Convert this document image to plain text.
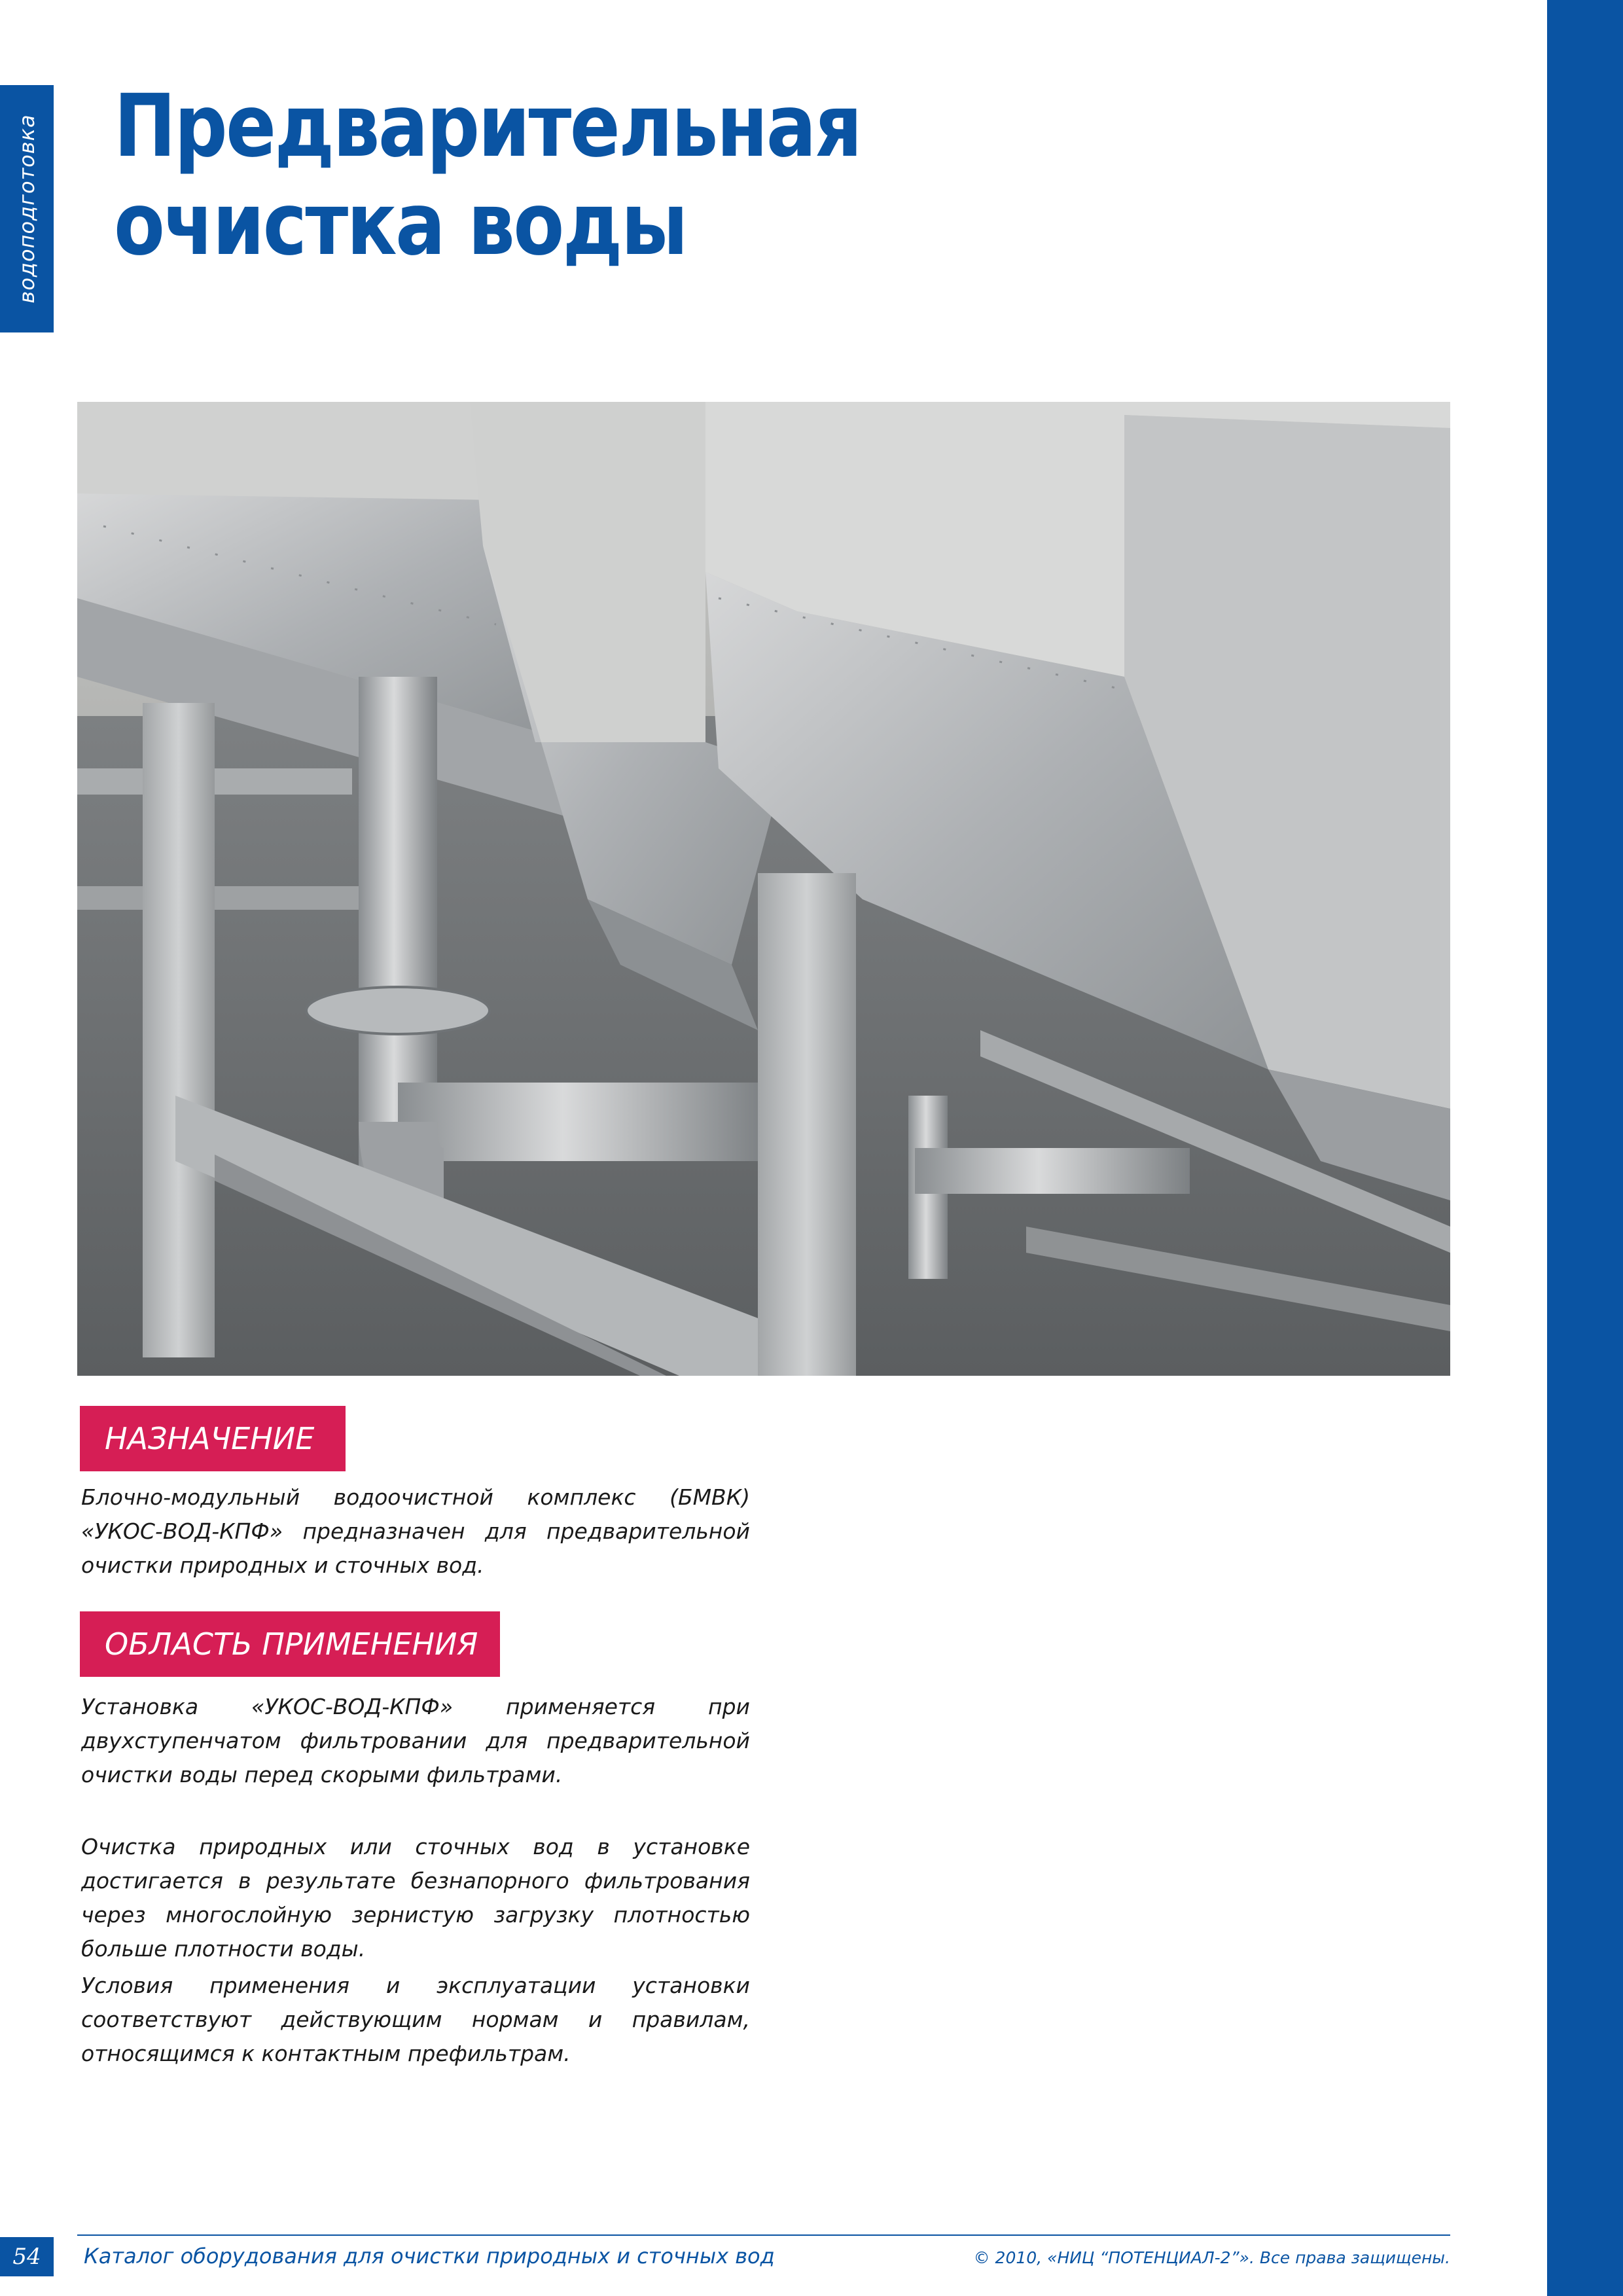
водоподготовка Предварительная
очистка воды
НАЗНАЧЕНИЕ

Блочно-модульный водоочистной комплекс (БМВК) «УКОС-ВОД-КПФ» предназначен для предварительной очистки природных и сточных вод.

ОБЛАСТЬ ПРИМЕНЕНИЯ

Установка «УКОС-ВОД-КПФ» применяется при двухступенчатом фильтровании для предварительной очистки воды перед скорыми фильтрами.

Очистка природных или сточных вод в установке достигается в результате безнапорного фильтрования через многослойную зернистую загрузку плотностью больше плотности воды.

Условия применения и эксплуатации установки соответствуют действующим нормам и правилам, относящимся к контактным префильтрам.

54	Каталог оборудования для очистки природных и сточных вод	© 2010, «НИЦ “ПОТЕНЦИАЛ-2”». Все права защищены.
